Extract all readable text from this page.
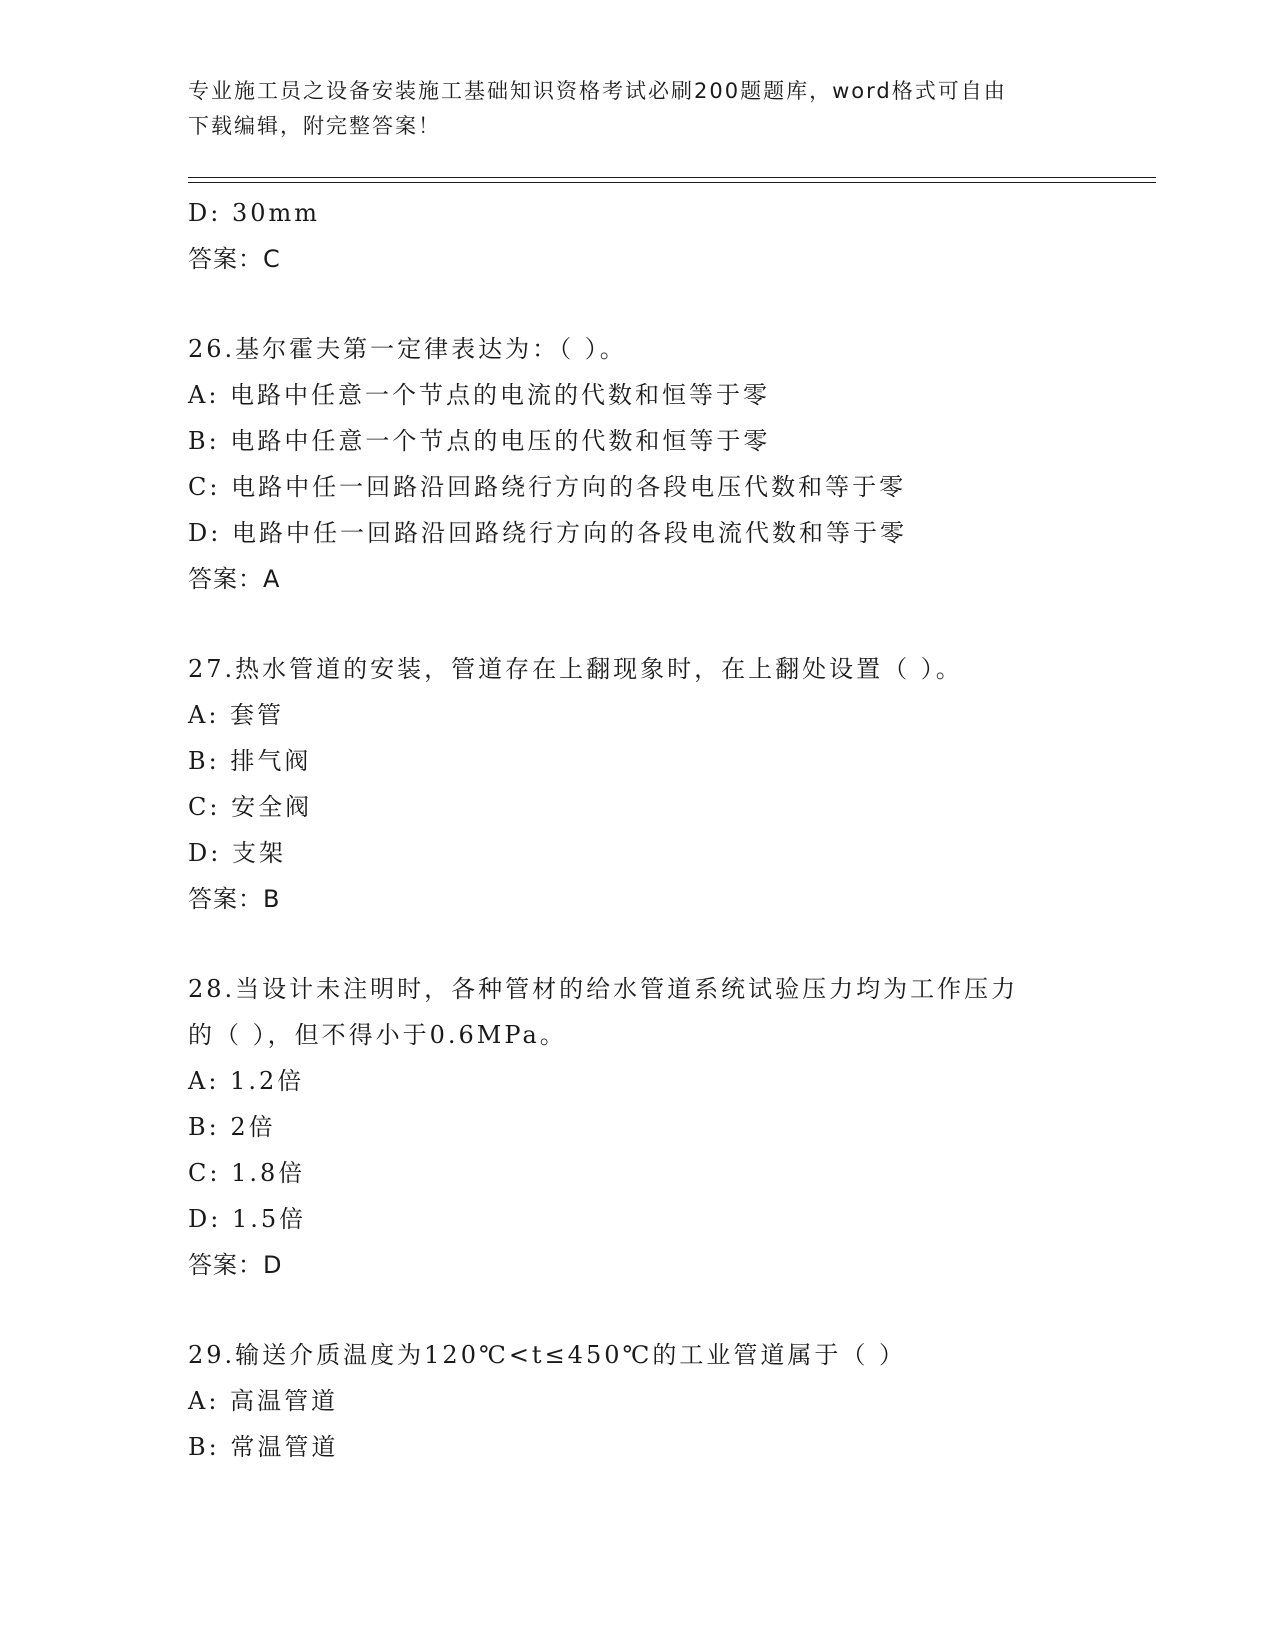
专业施工员之设备安装施工基础知识资格考试必刷200题题库，word格式可自由
下载编辑，附完整答案！
D: 30mm
答案：C
26.基尔霍夫第一定律表达为：（ ）。
A: 电路中任意一个节点的电流的代数和恒等于零
B: 电路中任意一个节点的电压的代数和恒等于零
C: 电路中任一回路沿回路绕行方向的各段电压代数和等于零
D: 电路中任一回路沿回路绕行方向的各段电流代数和等于零
答案：A
27.热水管道的安装，管道存在上翻现象时，在上翻处设置（ ）。
A: 套管
B: 排气阀
C: 安全阀
D: 支架
答案：B
28.当设计未注明时，各种管材的给水管道系统试验压力均为工作压力
的（ ），但不得小于0.6MPa。
A: 1.2倍
B: 2倍
C: 1.8倍
D: 1.5倍
答案：D
29.输送介质温度为120℃<t≤450℃的工业管道属于（ ）
A: 高温管道
B: 常温管道
